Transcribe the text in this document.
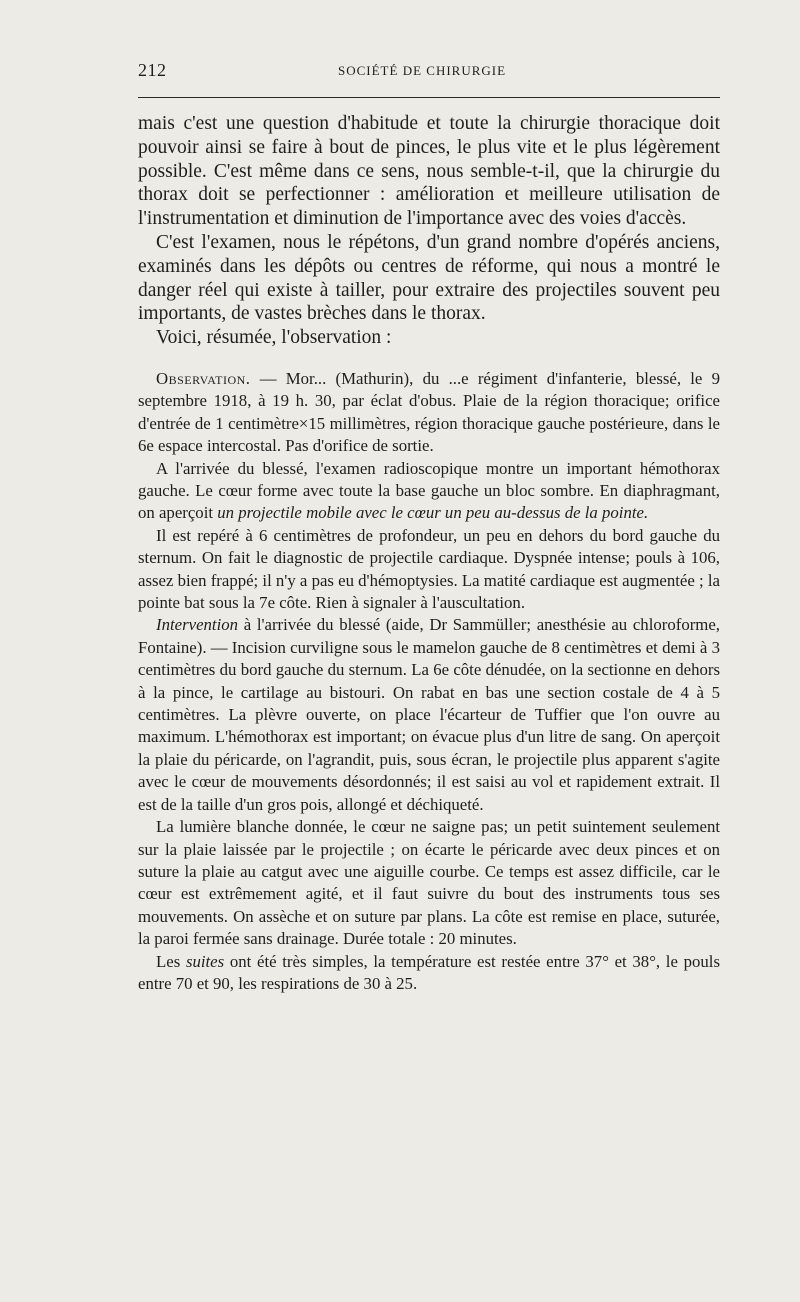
212	SOCIÉTÉ DE CHIRURGIE

mais c'est une question d'habitude et toute la chirurgie thoracique doit pouvoir ainsi se faire à bout de pinces, le plus vite et le plus légèrement possible. C'est même dans ce sens, nous semble-t-il, que la chirurgie du thorax doit se perfectionner : amélioration et meilleure utilisation de l'instrumentation et diminution de l'importance avec des voies d'accès.

C'est l'examen, nous le répétons, d'un grand nombre d'opérés anciens, examinés dans les dépôts ou centres de réforme, qui nous a montré le danger réel qui existe à tailler, pour extraire des projectiles souvent peu importants, de vastes brèches dans le thorax.

Voici, résumée, l'observation :

Observation. — Mor... (Mathurin), du ...e régiment d'infanterie, blessé, le 9 septembre 1918, à 19 h. 30, par éclat d'obus. Plaie de la région thoracique; orifice d'entrée de 1 centimètre×15 millimètres, région thoracique gauche postérieure, dans le 6e espace intercostal. Pas d'orifice de sortie.

A l'arrivée du blessé, l'examen radioscopique montre un important hémothorax gauche. Le cœur forme avec toute la base gauche un bloc sombre. En diaphragmant, on aperçoit un projectile mobile avec le cœur un peu au-dessus de la pointe.

Il est repéré à 6 centimètres de profondeur, un peu en dehors du bord gauche du sternum. On fait le diagnostic de projectile cardiaque. Dyspnée intense; pouls à 106, assez bien frappé; il n'y a pas eu d'hémoptysies. La matité cardiaque est augmentée ; la pointe bat sous la 7e côte. Rien à signaler à l'auscultation.

Intervention à l'arrivée du blessé (aide, Dr Sammüller; anesthésie au chloroforme, Fontaine). — Incision curviligne sous le mamelon gauche de 8 centimètres et demi à 3 centimètres du bord gauche du sternum. La 6e côte dénudée, on la sectionne en dehors à la pince, le cartilage au bistouri. On rabat en bas une section costale de 4 à 5 centimètres. La plèvre ouverte, on place l'écarteur de Tuffier que l'on ouvre au maximum. L'hémothorax est important; on évacue plus d'un litre de sang. On aperçoit la plaie du péricarde, on l'agrandit, puis, sous écran, le projectile plus apparent s'agite avec le cœur de mouvements désordonnés; il est saisi au vol et rapidement extrait. Il est de la taille d'un gros pois, allongé et déchiqueté.

La lumière blanche donnée, le cœur ne saigne pas; un petit suintement seulement sur la plaie laissée par le projectile ; on écarte le péricarde avec deux pinces et on suture la plaie au catgut avec une aiguille courbe. Ce temps est assez difficile, car le cœur est extrêmement agité, et il faut suivre du bout des instruments tous ses mouvements. On assèche et on suture par plans. La côte est remise en place, suturée, la paroi fermée sans drainage. Durée totale : 20 minutes.

Les suites ont été très simples, la température est restée entre 37° et 38°, le pouls entre 70 et 90, les respirations de 30 à 25.
